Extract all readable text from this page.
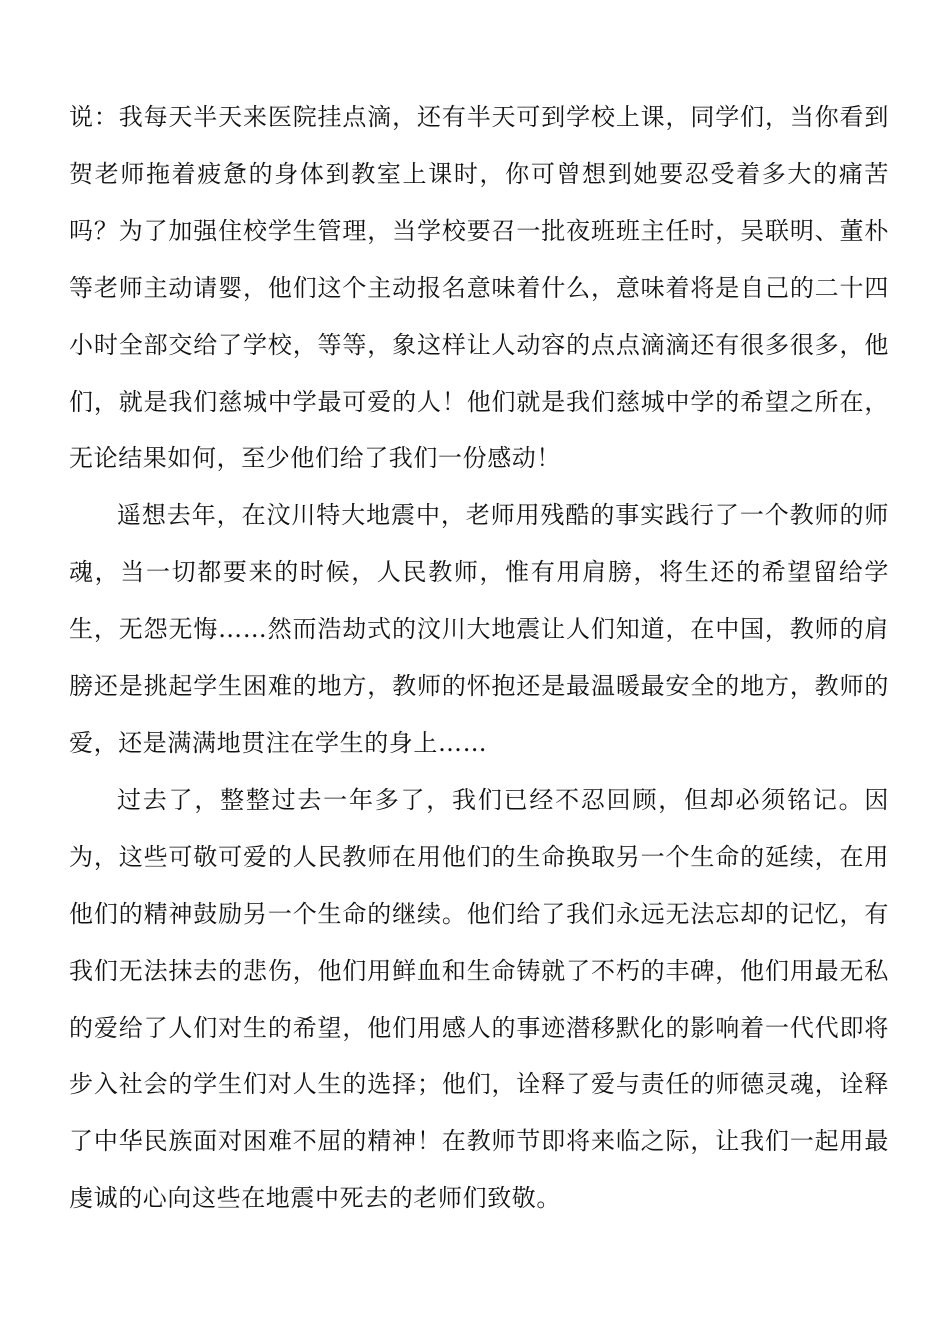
说：我每天半天来医院挂点滴，还有半天可到学校上课，同学们，当你看到贺老师拖着疲惫的身体到教室上课时，你可曾想到她要忍受着多大的痛苦吗？为了加强住校学生管理，当学校要召一批夜班班主任时，吴联明、董朴等老师主动请婴，他们这个主动报名意味着什么，意味着将是自己的二十四小时全部交给了学校，等等，象这样让人动容的点点滴滴还有很多很多，他们，就是我们慈城中学最可爱的人！他们就是我们慈城中学的希望之所在，无论结果如何，至少他们给了我们一份感动！

遥想去年，在汶川特大地震中，老师用残酷的事实践行了一个教师的师魂，当一切都要来的时候，人民教师，惟有用肩膀，将生还的希望留给学生，无怨无悔……然而浩劫式的汶川大地震让人们知道，在中国，教师的肩膀还是挑起学生困难的地方，教师的怀抱还是最温暖最安全的地方，教师的爱，还是满满地贯注在学生的身上……

过去了，整整过去一年多了，我们已经不忍回顾，但却必须铭记。因为，这些可敬可爱的人民教师在用他们的生命换取另一个生命的延续，在用他们的精神鼓励另一个生命的继续。他们给了我们永远无法忘却的记忆，有我们无法抹去的悲伤，他们用鲜血和生命铸就了不朽的丰碑，他们用最无私的爱给了人们对生的希望，他们用感人的事迹潜移默化的影响着一代代即将步入社会的学生们对人生的选择；他们，诠释了爱与责任的师德灵魂，诠释了中华民族面对困难不屈的精神！在教师节即将来临之际，让我们一起用最虔诚的心向这些在地震中死去的老师们致敬。
